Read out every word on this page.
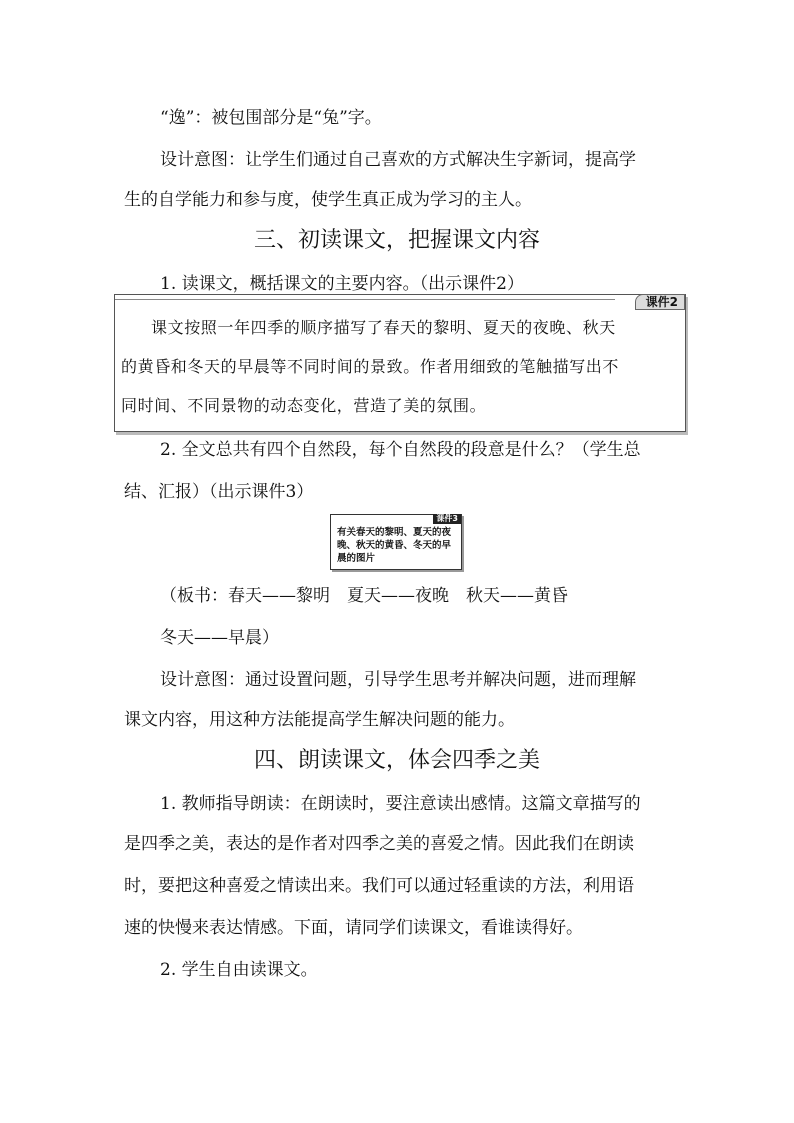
“逸”：被包围部分是“兔”字。
设计意图：让学生们通过自己喜欢的方式解决生字新词，提高学
生的自学能力和参与度，使学生真正成为学习的主人。
三、初读课文，把握课文内容
1. 读课文，概括课文的主要内容。（出示课件2）
课件2
课文按照一年四季的顺序描写了春天的黎明、夏天的夜晚、秋天
的黄昏和冬天的早晨等不同时间的景致。作者用细致的笔触描写出不
同时间、不同景物的动态变化，营造了美的氛围。
2. 全文总共有四个自然段，每个自然段的段意是什么？（学生总
结、汇报）（出示课件3）
课件3
有关春天的黎明、夏天的夜晚、秋天的黄昏、冬天的早晨的图片
（板书：春天——黎明　夏天——夜晚　秋天——黄昏
冬天——早晨）
设计意图：通过设置问题，引导学生思考并解决问题，进而理解
课文内容，用这种方法能提高学生解决问题的能力。
四、朗读课文，体会四季之美
1. 教师指导朗读：在朗读时，要注意读出感情。这篇文章描写的
是四季之美，表达的是作者对四季之美的喜爱之情。因此我们在朗读
时，要把这种喜爱之情读出来。我们可以通过轻重读的方法，利用语
速的快慢来表达情感。下面，请同学们读课文，看谁读得好。
2. 学生自由读课文。
